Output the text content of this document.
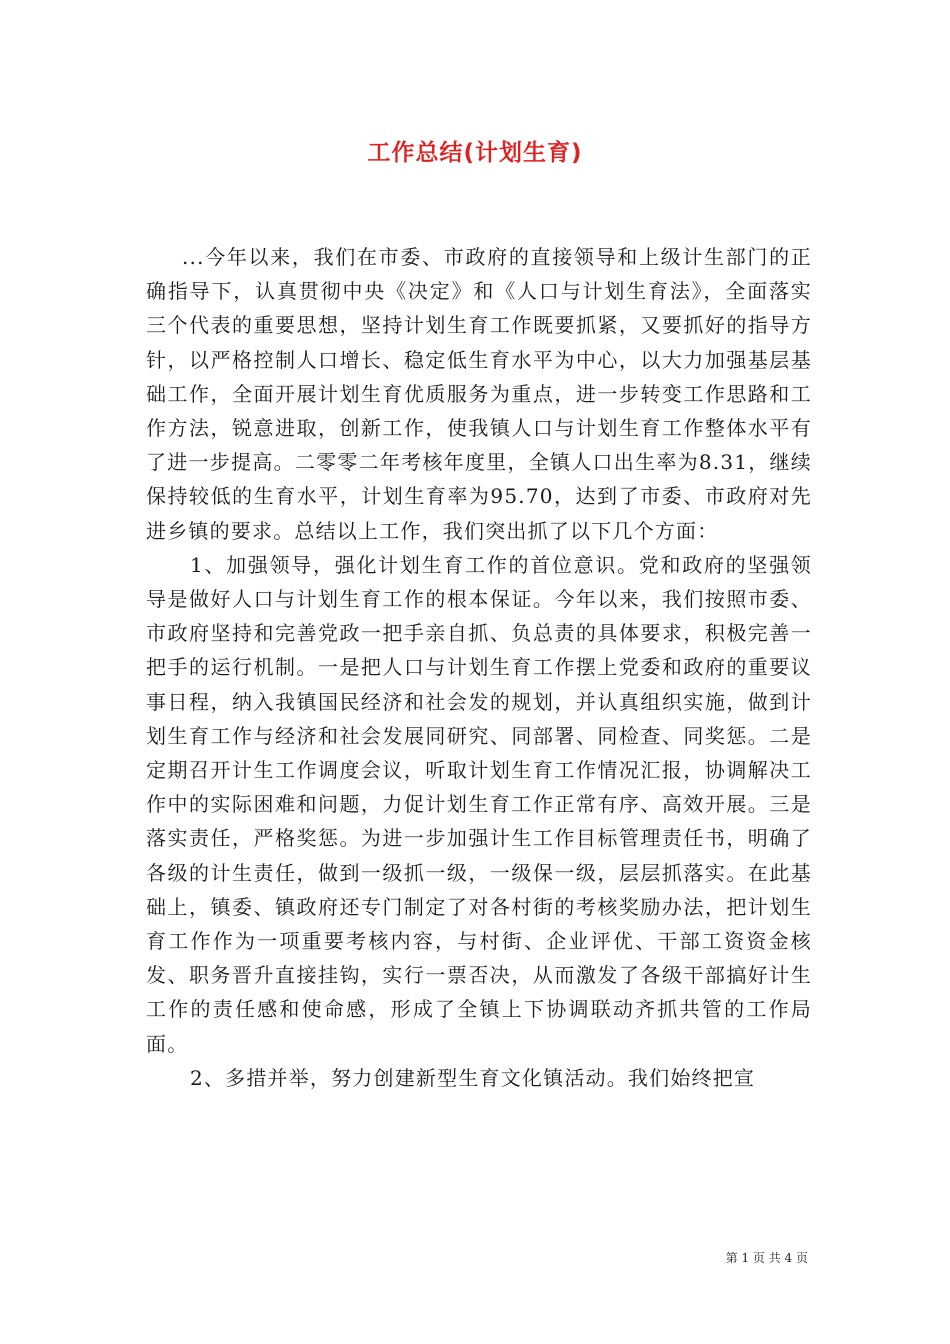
工作总结(计划生育)

...今年以来，我们在市委、市政府的直接领导和上级计生部门的正确指导下，认真贯彻中央《决定》和《人口与计划生育法》，全面落实三个代表的重要思想，坚持计划生育工作既要抓紧，又要抓好的指导方针，以严格控制人口增长、稳定低生育水平为中心，以大力加强基层基础工作，全面开展计划生育优质服务为重点，进一步转变工作思路和工作方法，锐意进取，创新工作，使我镇人口与计划生育工作整体水平有了进一步提高。二零零二年考核年度里，全镇人口出生率为8.31，继续保持较低的生育水平，计划生育率为95.70，达到了市委、市政府对先进乡镇的要求。总结以上工作，我们突出抓了以下几个方面：

1、加强领导，强化计划生育工作的首位意识。党和政府的坚强领导是做好人口与计划生育工作的根本保证。今年以来，我们按照市委、市政府坚持和完善党政一把手亲自抓、负总责的具体要求，积极完善一把手的运行机制。一是把人口与计划生育工作摆上党委和政府的重要议事日程，纳入我镇国民经济和社会发的规划，并认真组织实施，做到计划生育工作与经济和社会发展同研究、同部署、同检查、同奖惩。二是定期召开计生工作调度会议，听取计划生育工作情况汇报，协调解决工作中的实际困难和问题，力促计划生育工作正常有序、高效开展。三是落实责任，严格奖惩。为进一步加强计生工作目标管理责任书，明确了各级的计生责任，做到一级抓一级，一级保一级，层层抓落实。在此基础上，镇委、镇政府还专门制定了对各村街的考核奖励办法，把计划生育工作作为一项重要考核内容，与村街、企业评优、干部工资资金核发、职务晋升直接挂钩，实行一票否决，从而激发了各级干部搞好计生工作的责任感和使命感，形成了全镇上下协调联动齐抓共管的工作局面。

2、多措并举，努力创建新型生育文化镇活动。我们始终把宣

第 1 页 共 4 页
